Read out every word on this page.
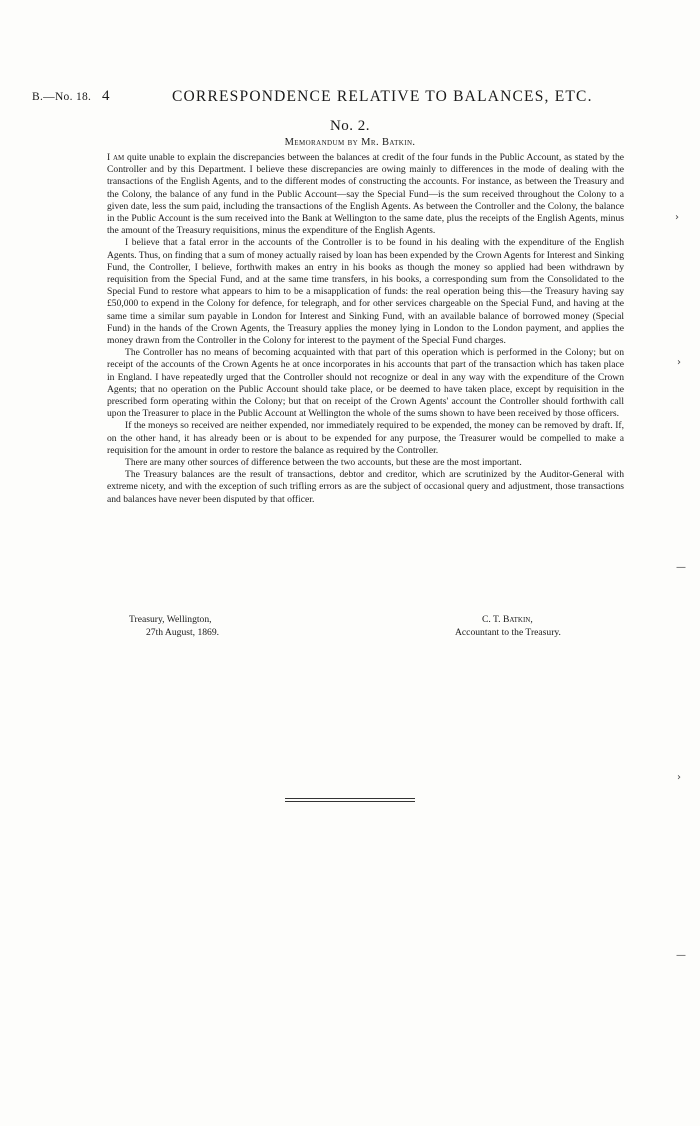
B.—No. 18. 4	CORRESPONDENCE RELATIVE TO BALANCES, ETC.
No. 2.
Memorandum by Mr. Batkin.

I am quite unable to explain the discrepancies between the balances at credit of the four funds in the Public Account, as stated by the Controller and by this Department. I believe these discrepancies are owing mainly to differences in the mode of dealing with the transactions of the English Agents, and to the different modes of constructing the accounts. For instance, as between the Treasury and the Colony, the balance of any fund in the Public Account—say the Special Fund—is the sum received throughout the Colony to a given date, less the sum paid, including the transactions of the English Agents. As between the Controller and the Colony, the balance in the Public Account is the sum received into the Bank at Wellington to the same date, plus the receipts of the English Agents, minus the amount of the Treasury requisitions, minus the expenditure of the English Agents.

I believe that a fatal error in the accounts of the Controller is to be found in his dealing with the expenditure of the English Agents. Thus, on finding that a sum of money actually raised by loan has been expended by the Crown Agents for Interest and Sinking Fund, the Controller, I believe, forthwith makes an entry in his books as though the money so applied had been withdrawn by requisition from the Special Fund, and at the same time transfers, in his books, a corresponding sum from the Consolidated to the Special Fund to restore what appears to him to be a misapplication of funds: the real operation being this—the Treasury having say £50,000 to expend in the Colony for defence, for telegraph, and for other services chargeable on the Special Fund, and having at the same time a similar sum payable in London for Interest and Sinking Fund, with an available balance of borrowed money (Special Fund) in the hands of the Crown Agents, the Treasury applies the money lying in London to the London payment, and applies the money drawn from the Controller in the Colony for interest to the payment of the Special Fund charges.

The Controller has no means of becoming acquainted with that part of this operation which is performed in the Colony; but on receipt of the accounts of the Crown Agents he at once incorporates in his accounts that part of the transaction which has taken place in England. I have repeatedly urged that the Controller should not recognize or deal in any way with the expenditure of the Crown Agents; that no operation on the Public Account should take place, or be deemed to have taken place, except by requisition in the prescribed form operating within the Colony; but that on receipt of the Crown Agents' account the Controller should forthwith call upon the Treasurer to place in the Public Account at Wellington the whole of the sums shown to have been received by those officers.

If the moneys so received are neither expended, nor immediately required to be expended, the money can be removed by draft. If, on the other hand, it has already been or is about to be expended for any purpose, the Treasurer would be compelled to make a requisition for the amount in order to restore the balance as required by the Controller.

There are many other sources of difference between the two accounts, but these are the most important.

The Treasury balances are the result of transactions, debtor and creditor, which are scrutinized by the Auditor-General with extreme nicety, and with the exception of such trifling errors as are the subject of occasional query and adjustment, those transactions and balances have never been disputed by that officer.

Treasury, Wellington,
27th August, 1869.
C. T. Batkin,
Accountant to the Treasury.
›
›
—
›
—
